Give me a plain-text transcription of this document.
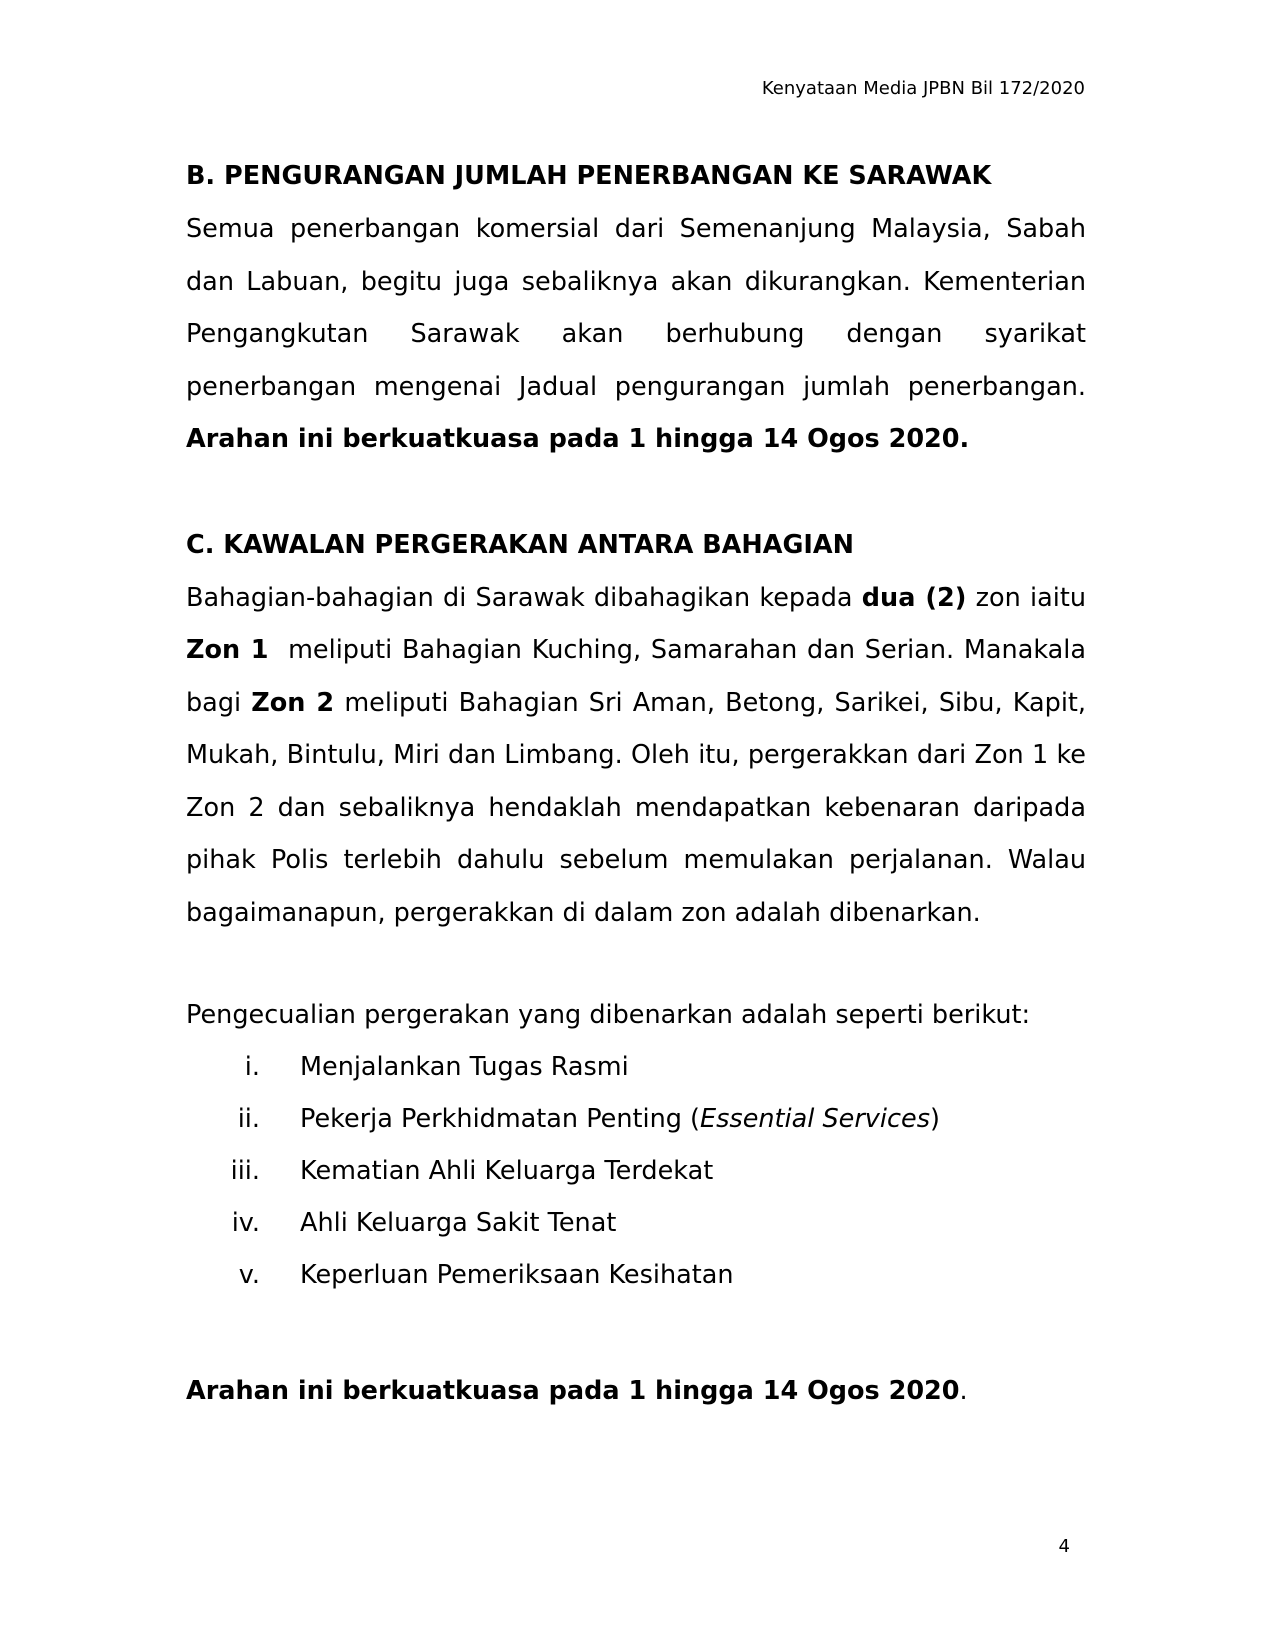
Kenyataan Media JPBN Bil 172/2020

B. PENGURANGAN JUMLAH PENERBANGAN KE SARAWAK

Semua penerbangan komersial dari Semenanjung Malaysia, Sabah dan Labuan, begitu juga sebaliknya akan dikurangkan. Kementerian Pengangkutan Sarawak akan berhubung dengan syarikat penerbangan mengenai Jadual pengurangan jumlah penerbangan. Arahan ini berkuatkuasa pada 1 hingga 14 Ogos 2020.

C. KAWALAN PERGERAKAN ANTARA BAHAGIAN

Bahagian-bahagian di Sarawak dibahagikan kepada dua (2) zon iaitu Zon 1 meliputi Bahagian Kuching, Samarahan dan Serian. Manakala bagi Zon 2 meliputi Bahagian Sri Aman, Betong, Sarikei, Sibu, Kapit, Mukah, Bintulu, Miri dan Limbang. Oleh itu, pergerakkan dari Zon 1 ke Zon 2 dan sebaliknya hendaklah mendapatkan kebenaran daripada pihak Polis terlebih dahulu sebelum memulakan perjalanan. Walau bagaimanapun, pergerakkan di dalam zon adalah dibenarkan.

Pengecualian pergerakan yang dibenarkan adalah seperti berikut:

i.	Menjalankan Tugas Rasmi
ii.	Pekerja Perkhidmatan Penting (Essential Services)
iii.	Kematian Ahli Keluarga Terdekat
iv.	Ahli Keluarga Sakit Tenat
v.	Keperluan Pemeriksaan Kesihatan

Arahan ini berkuatkuasa pada 1 hingga 14 Ogos 2020.

4
